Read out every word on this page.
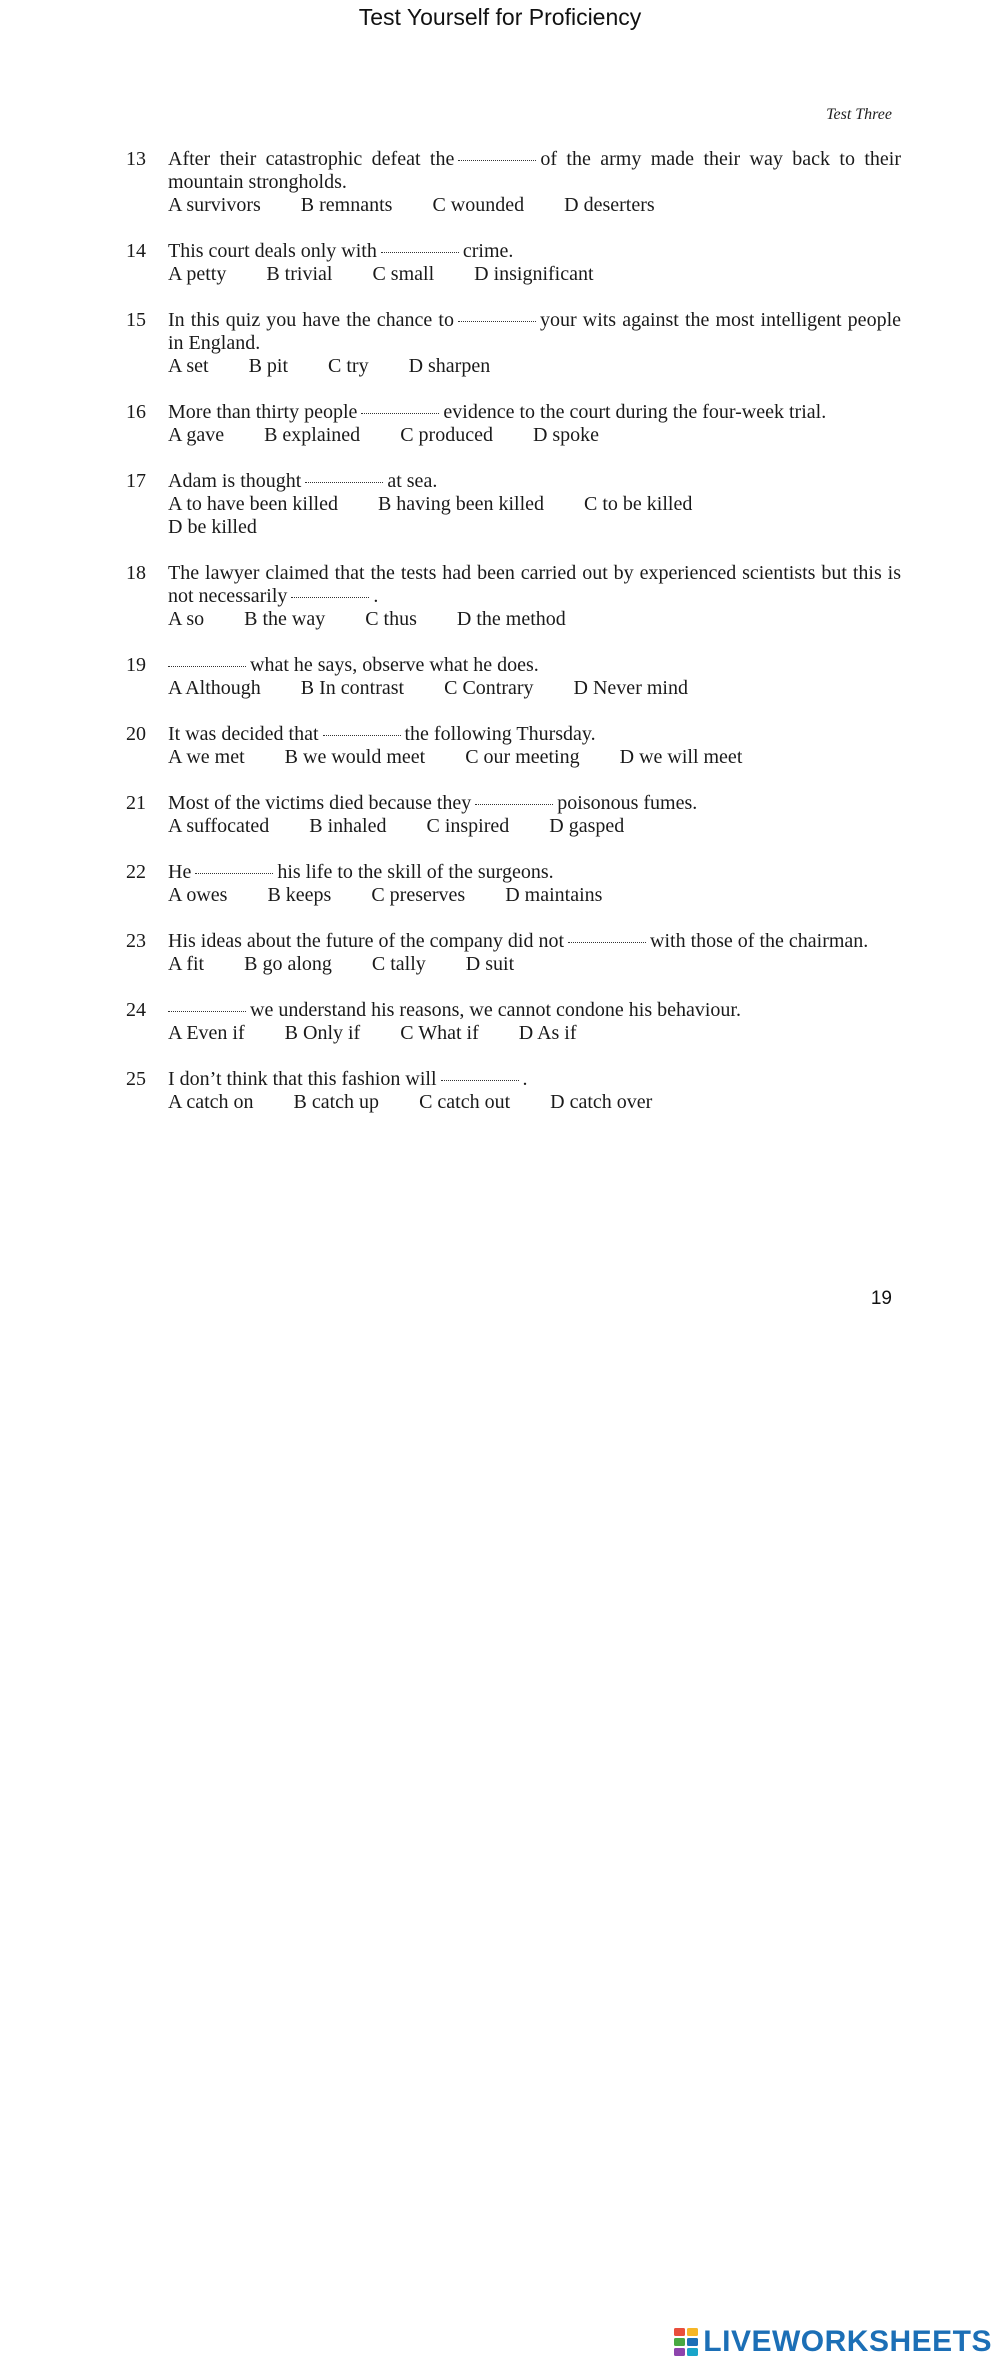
Test Yourself for Proficiency
Test Three
13	After their catastrophic defeat the	of the army made their way back to their mountain strongholds.
A survivors B remnants C wounded D deserters
14	This court deals only with	crime.
A petty B trivial C small D insignificant
15	In this quiz you have the chance to	your wits against the most intelligent people in England.
A set B pit C try D sharpen
16	More than thirty people	evidence to the court during the four-week trial.
A gave B explained C produced D spoke
17	Adam is thought	at sea.
A to have been killed B having been killed C to be killed
D be killed
18	The lawyer claimed that the tests had been carried out by experienced scientists but this is not necessarily	.
A so B the way C thus D the method
19	what he says, observe what he does.
A Although B In contrast C Contrary D Never mind
20	It was decided that	the following Thursday.
A we met B we would meet C our meeting D we will meet
21	Most of the victims died because they	poisonous fumes.
A suffocated B inhaled C inspired D gasped
22	He	his life to the skill of the surgeons.
A owes B keeps C preserves D maintains
23	His ideas about the future of the company did not	with those of the chairman.
A fit B go along C tally D suit
24	we understand his reasons, we cannot condone his behaviour.
A Even if B Only if C What if D As if
25	I don’t think that this fashion will	.
A catch on B catch up C catch out D catch over
19
LIVEWORKSHEETS
